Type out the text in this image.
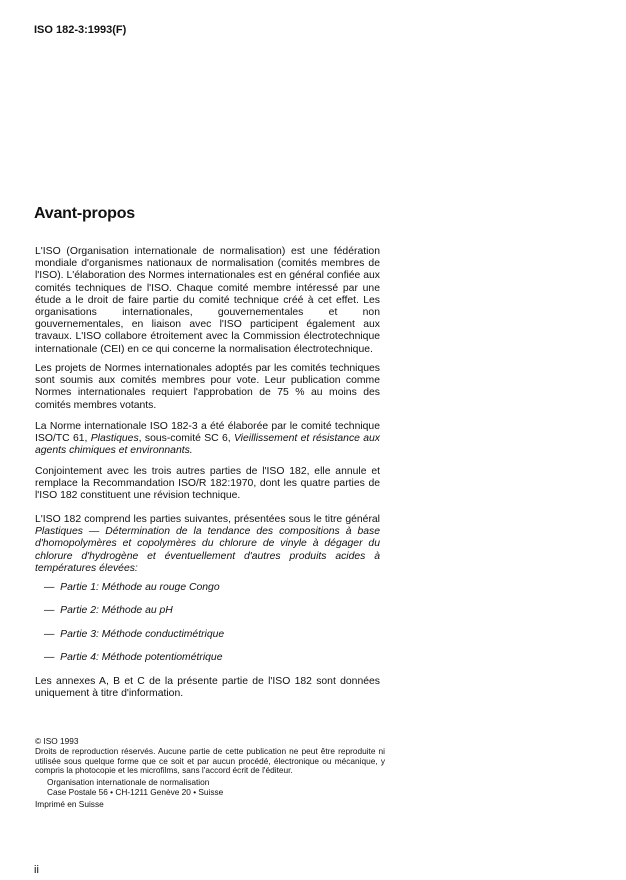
ISO 182-3:1993(F)
Avant-propos

L'ISO (Organisation internationale de normalisation) est une fédération mondiale d'organismes nationaux de normalisation (comités membres de l'ISO). L'élaboration des Normes internationales est en général confiée aux comités techniques de l'ISO. Chaque comité membre intéressé par une étude a le droit de faire partie du comité technique créé à cet effet. Les organisations internationales, gouvernementales et non gouvernementales, en liaison avec l'ISO participent également aux travaux. L'ISO collabore étroitement avec la Commission électrotechnique internationale (CEI) en ce qui concerne la normalisation électrotechnique.

Les projets de Normes internationales adoptés par les comités techniques sont soumis aux comités membres pour vote. Leur publication comme Normes internationales requiert l'approbation de 75 % au moins des comités membres votants.

La Norme internationale ISO 182-3 a été élaborée par le comité technique ISO/TC 61, Plastiques, sous-comité SC 6, Vieillissement et résistance aux agents chimiques et environnants.

Conjointement avec les trois autres parties de l'ISO 182, elle annule et remplace la Recommandation ISO/R 182:1970, dont les quatre parties de l'ISO 182 constituent une révision technique.

L'ISO 182 comprend les parties suivantes, présentées sous le titre général Plastiques — Détermination de la tendance des compositions à base d'homopolymères et copolymères du chlorure de vinyle à dégager du chlorure d'hydrogène et éventuellement d'autres produits acides à températures élevées:

— Partie 1: Méthode au rouge Congo
— Partie 2: Méthode au pH
— Partie 3: Méthode conductimétrique
— Partie 4: Méthode potentiométrique

Les annexes A, B et C de la présente partie de l'ISO 182 sont données uniquement à titre d'information.

© ISO 1993

Droits de reproduction réservés. Aucune partie de cette publication ne peut être reproduite ni utilisée sous quelque forme que ce soit et par aucun procédé, électronique ou mécanique, y compris la photocopie et les microfilms, sans l'accord écrit de l'éditeur.

Organisation internationale de normalisation

Case Postale 56 • CH-1211 Genève 20 • Suisse

Imprimé en Suisse

ii
